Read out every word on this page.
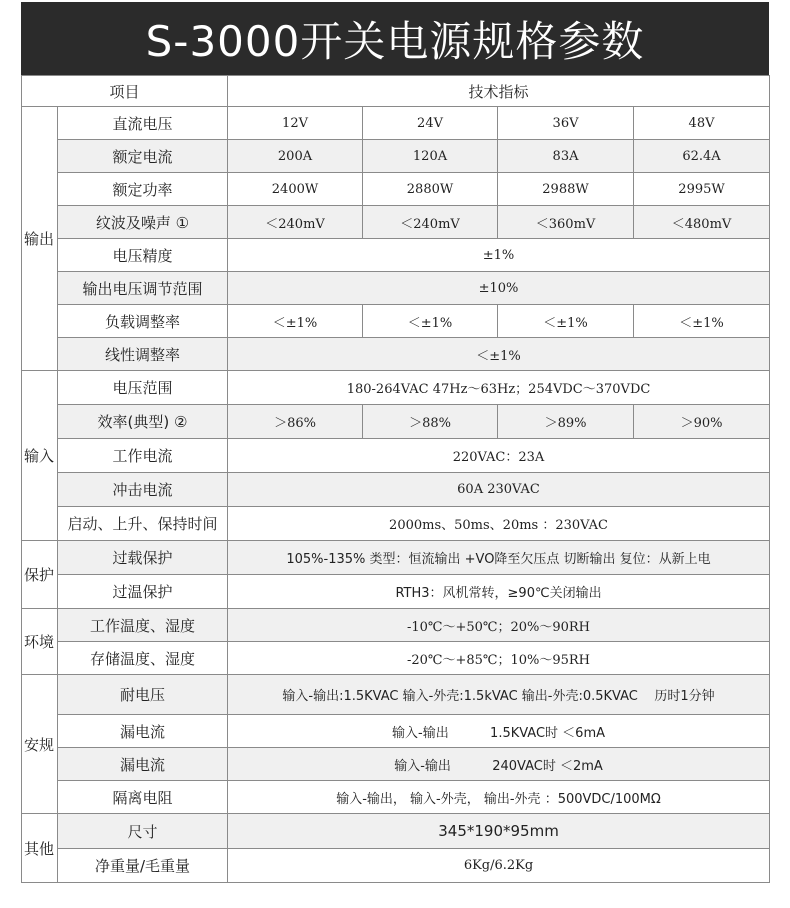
S-3000开关电源规格参数
项目		技术指标			
输出	直流电压	12V	24V	36V	48V
	额定电流	200A	120A	83A	62.4A
	额定功率	2400W	2880W	2988W	2995W
	纹波及噪声 ①	＜240mV	＜240mV	＜360mV	＜480mV
	电压精度	±1%			
	输出电压调节范围	±10%			
	负载调整率	＜±1%	＜±1%	＜±1%	＜±1%
	线性调整率	＜±1%			
输入	电压范围	180-264VAC 47Hz～63Hz；254VDC～370VDC			
	效率(典型) ②	＞86%	＞88%	＞89%	＞90%
	工作电流	220VAC：23A			
	冲击电流	60A 230VAC			
	启动、上升、保持时间	2000ms、50ms、20ms ：230VAC			
保护	过载保护	105%-135% 类型：恒流输出 +VO降至欠压点 切断输出 复位：从新上电			
	过温保护	RTH3：风机常转，≥90℃关闭输出			
环境	工作温度、湿度	-10℃～+50℃；20%～90RH			
	存储温度、湿度	-20℃～+85℃；10%～95RH			
安规	耐电压	输入-输出:1.5KVAC 输入-外壳:1.5kVAC 输出-外壳:0.5KVAC    历时1分钟			
	漏电流	输入-输出          1.5KVAC时 ＜6mA			
	漏电流	输入-输出          240VAC时 ＜2mA			
	隔离电阻	输入-输出， 输入-外壳， 输出-外壳 ：500VDC/100MΩ			
其他	尺寸	345*190*95mm			
	净重量/毛重量	6Kg/6.2Kg			
